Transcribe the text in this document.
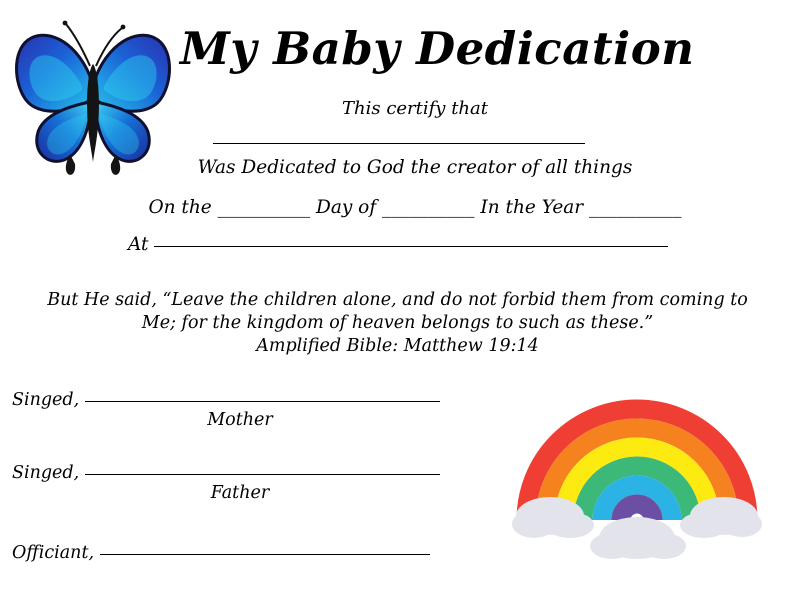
My Baby Dedication
This certify that
Was Dedicated to God the creator of all things
On the __________ Day of __________ In the Year __________
At
But He said, “Leave the children alone, and do not forbid them from coming to Me; for the kingdom of heaven belongs to such as these.”
Amplified Bible: Matthew 19:14
Singed,
Mother
Singed,
Father
Officiant,
